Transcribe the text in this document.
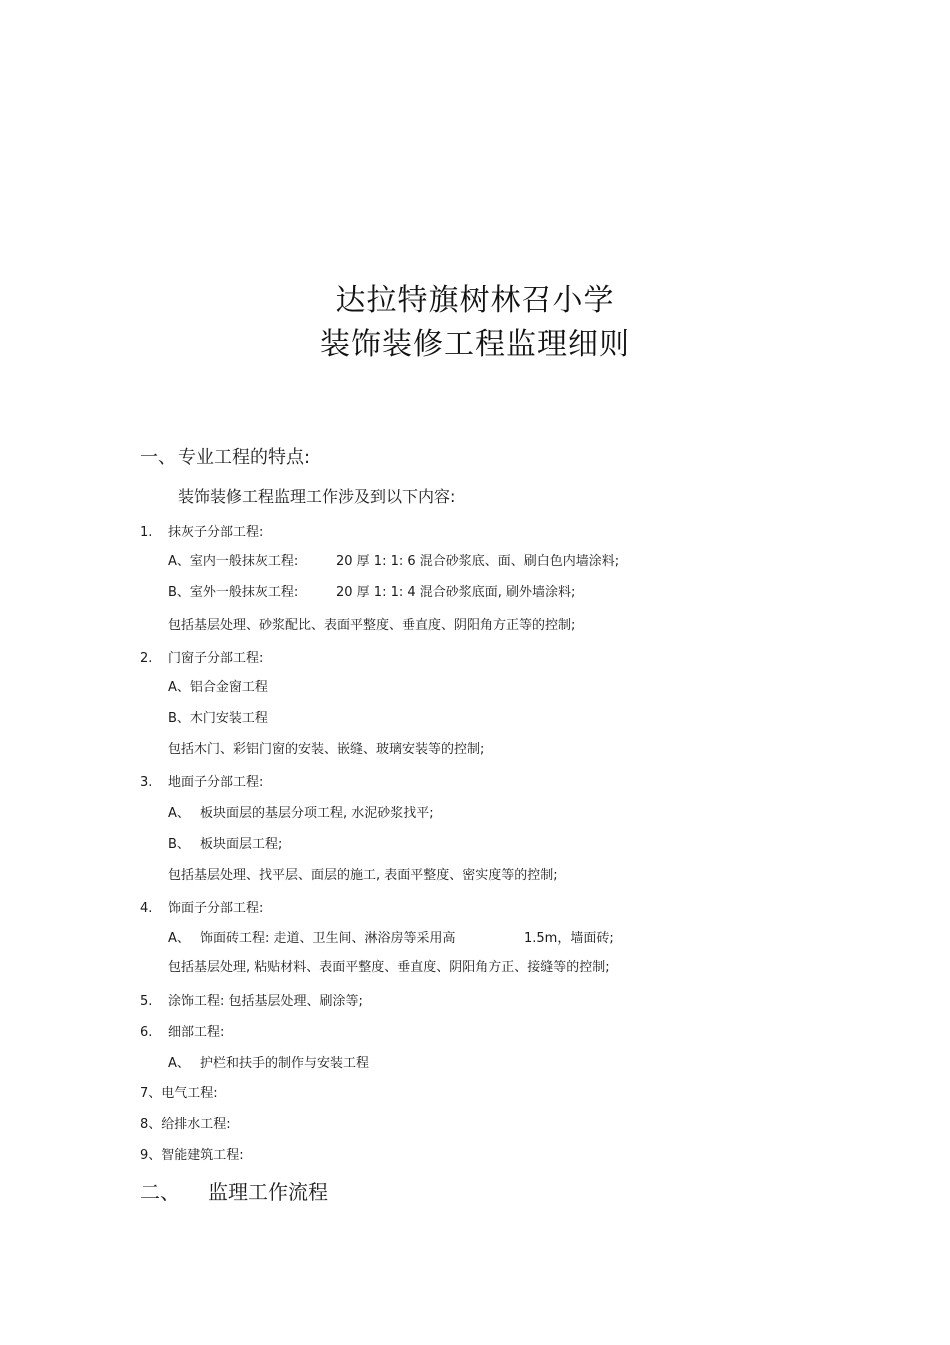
达拉特旗树林召小学
装饰装修工程监理细则
一、 专业工程的特点:
装饰装修工程监理工作涉及到以下内容:
1. 抹灰子分部工程:
A、室内一般抹灰工程:	20 厚 1: 1: 6 混合砂浆底、面、刷白色内墙涂料;
B、室外一般抹灰工程:	20 厚 1: 1: 4 混合砂浆底面, 刷外墙涂料;
包括基层处理、砂浆配比、表面平整度、垂直度、阴阳角方正等的控制;
2. 门窗子分部工程:
A、铝合金窗工程
B、木门安装工程
包括木门、彩铝门窗的安装、嵌缝、玻璃安装等的控制;
3. 地面子分部工程:
A、 板块面层的基层分项工程, 水泥砂浆找平;
B、 板块面层工程;
包括基层处理、找平层、面层的施工, 表面平整度、密实度等的控制;
4. 饰面子分部工程:
A、 饰面砖工程: 走道、卫生间、淋浴房等采用高	1.5m，墙面砖;
包括基层处理, 粘贴材料、表面平整度、垂直度、阴阳角方正、接缝等的控制;
5. 涂饰工程: 包括基层处理、刷涂等;
6. 细部工程:
A、 护栏和扶手的制作与安装工程
7、电气工程:
8、给排水工程:
9、智能建筑工程:
二、 监理工作流程
